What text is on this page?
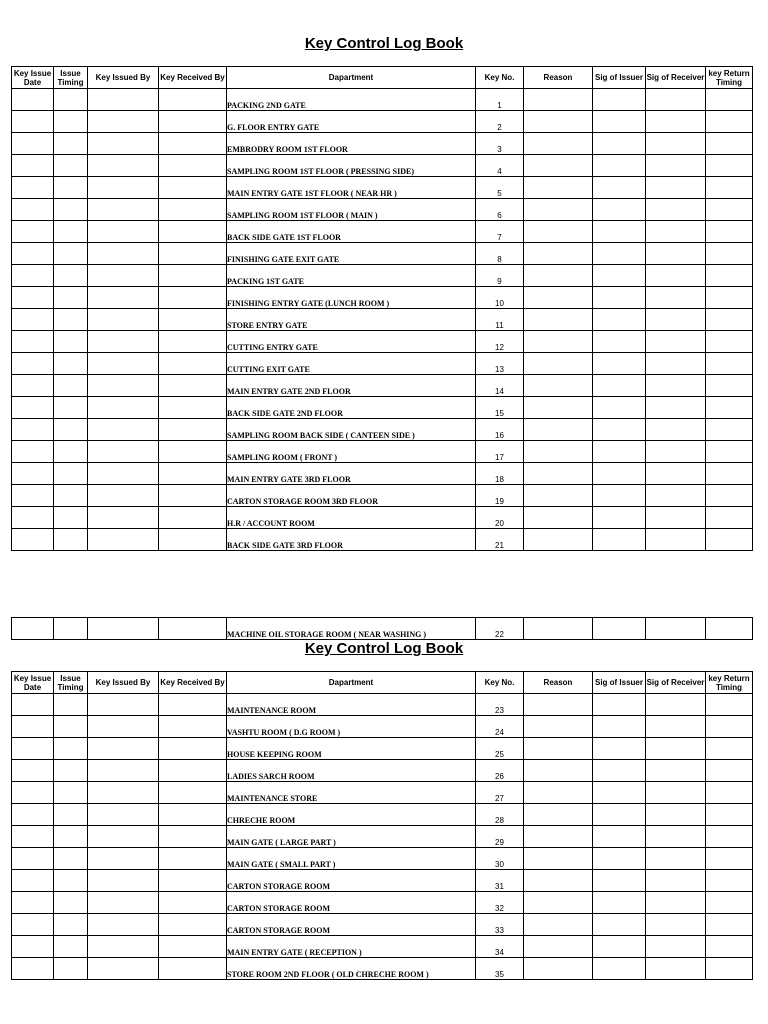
Key Control Log Book
Key Issue Date	Issue Timing	Key Issued By	Key Received By	Dapartment	Key No.	Reason	Sig of Issuer	Sig of Receiver	key Return Timing
				PACKING 2ND GATE	1				
				G. FLOOR ENTRY GATE	2				
				EMBRODRY ROOM 1ST FLOOR	3				
				SAMPLING ROOM 1ST FLOOR ( PRESSING SIDE)	4				
				MAIN ENTRY GATE 1ST FLOOR ( NEAR HR )	5				
				SAMPLING ROOM 1ST FLOOR ( MAIN )	6				
				BACK SIDE GATE 1ST FLOOR	7				
				FINISHING GATE EXIT GATE	8				
				PACKING 1ST GATE	9				
				FINISHING ENTRY GATE (LUNCH ROOM )	10				
				STORE ENTRY GATE	11				
				CUTTING ENTRY GATE	12				
				CUTTING EXIT GATE	13				
				MAIN ENTRY GATE 2ND FLOOR	14				
				BACK SIDE GATE 2ND FLOOR	15				
				SAMPLING ROOM BACK SIDE ( CANTEEN SIDE )	16				
				SAMPLING ROOM ( FRONT )	17				
				MAIN ENTRY GATE 3RD FLOOR	18				
				CARTON STORAGE ROOM 3RD FLOOR	19				
				H.R / ACCOUNT ROOM	20				
				BACK SIDE GATE 3RD FLOOR	21				
				MACHINE OIL STORAGE ROOM ( NEAR WASHING )	22				
Key Control Log Book
Key Issue Date	Issue Timing	Key Issued By	Key Received By	Dapartment	Key No.	Reason	Sig of Issuer	Sig of Receiver	key Return Timing
				MAINTENANCE ROOM	23				
				VASHTU ROOM ( D.G ROOM )	24				
				HOUSE KEEPING ROOM	25				
				LADIES SARCH ROOM	26				
				MAINTENANCE STORE	27				
				CHRECHE ROOM	28				
				MAIN GATE ( LARGE PART )	29				
				MAIN GATE ( SMALL PART )	30				
				CARTON STORAGE ROOM	31				
				CARTON STORAGE ROOM	32				
				CARTON STORAGE ROOM	33				
				MAIN ENTRY GATE ( RECEPTION )	34				
				STORE ROOM 2ND FLOOR ( OLD CHRECHE ROOM )	35				
